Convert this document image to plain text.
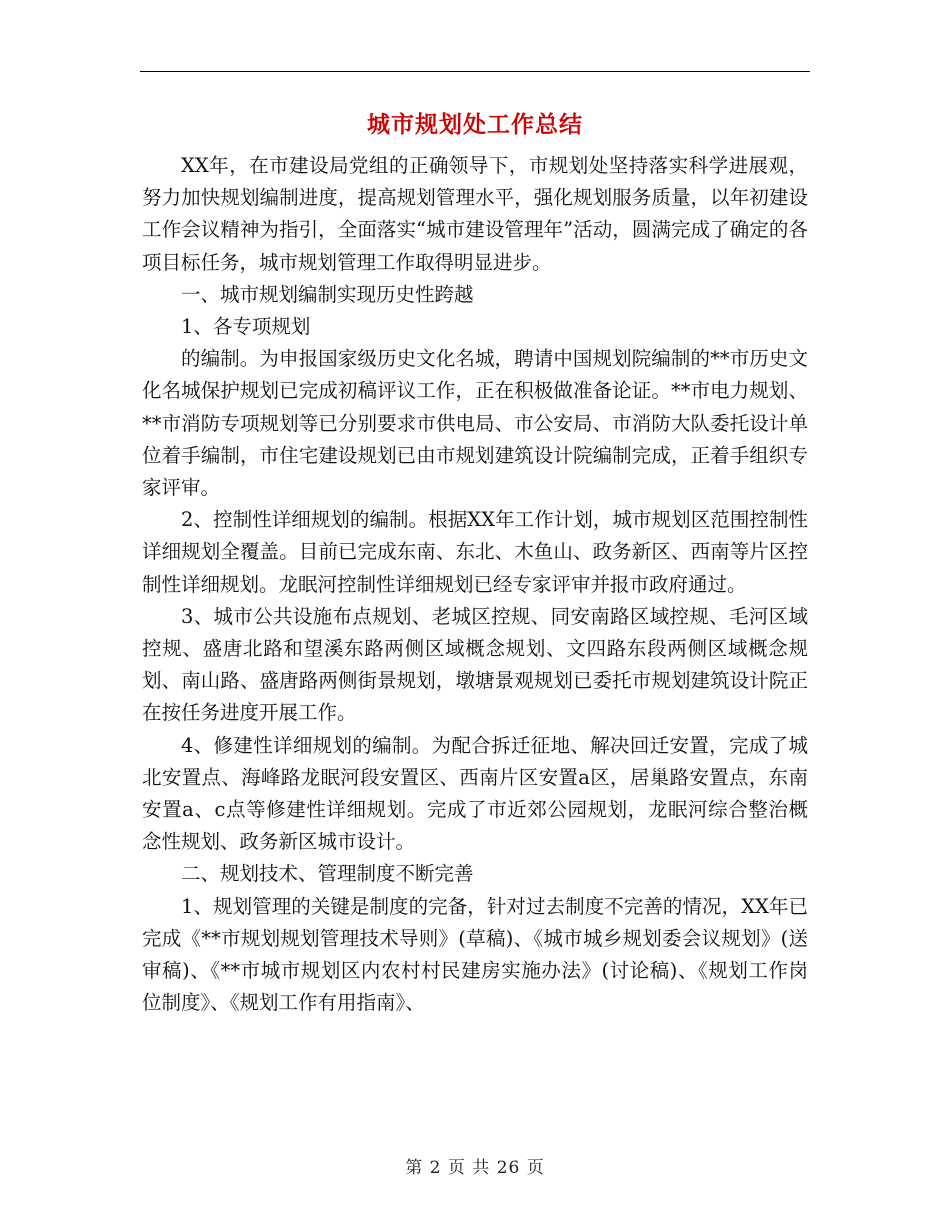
城市规划处工作总结

XX年，在市建设局党组的正确领导下，市规划处坚持落实科学进展观，努力加快规划编制进度，提高规划管理水平，强化规划服务质量，以年初建设工作会议精神为指引，全面落实“城市建设管理年”活动，圆满完成了确定的各项目标任务，城市规划管理工作取得明显进步。

一、城市规划编制实现历史性跨越

1、各专项规划

的编制。为申报国家级历史文化名城，聘请中国规划院编制的**市历史文化名城保护规划已完成初稿评议工作，正在积极做准备论证。**市电力规划、**市消防专项规划等已分别要求市供电局、市公安局、市消防大队委托设计单位着手编制，市住宅建设规划已由市规划建筑设计院编制完成，正着手组织专家评审。

2、控制性详细规划的编制。根据XX年工作计划，城市规划区范围控制性详细规划全覆盖。目前已完成东南、东北、木鱼山、政务新区、西南等片区控制性详细规划。龙眠河控制性详细规划已经专家评审并报市政府通过。

3、城市公共设施布点规划、老城区控规、同安南路区域控规、毛河区域控规、盛唐北路和望溪东路两侧区域概念规划、文四路东段两侧区域概念规划、南山路、盛唐路两侧街景规划，墩塘景观规划已委托市规划建筑设计院正在按任务进度开展工作。

4、修建性详细规划的编制。为配合拆迁征地、解决回迁安置，完成了城北安置点、海峰路龙眠河段安置区、西南片区安置a区，居巢路安置点，东南安置a、c点等修建性详细规划。完成了市近郊公园规划，龙眠河综合整治概念性规划、政务新区城市设计。

二、规划技术、管理制度不断完善

1、规划管理的关键是制度的完备，针对过去制度不完善的情况，XX年已完成《**市规划规划管理技术导则》(草稿)、《城市城乡规划委会议规划》(送审稿)、《**市城市规划区内农村村民建房实施办法》(讨论稿)、《规划工作岗位制度》、《规划工作有用指南》、

第 2 页 共 26 页
